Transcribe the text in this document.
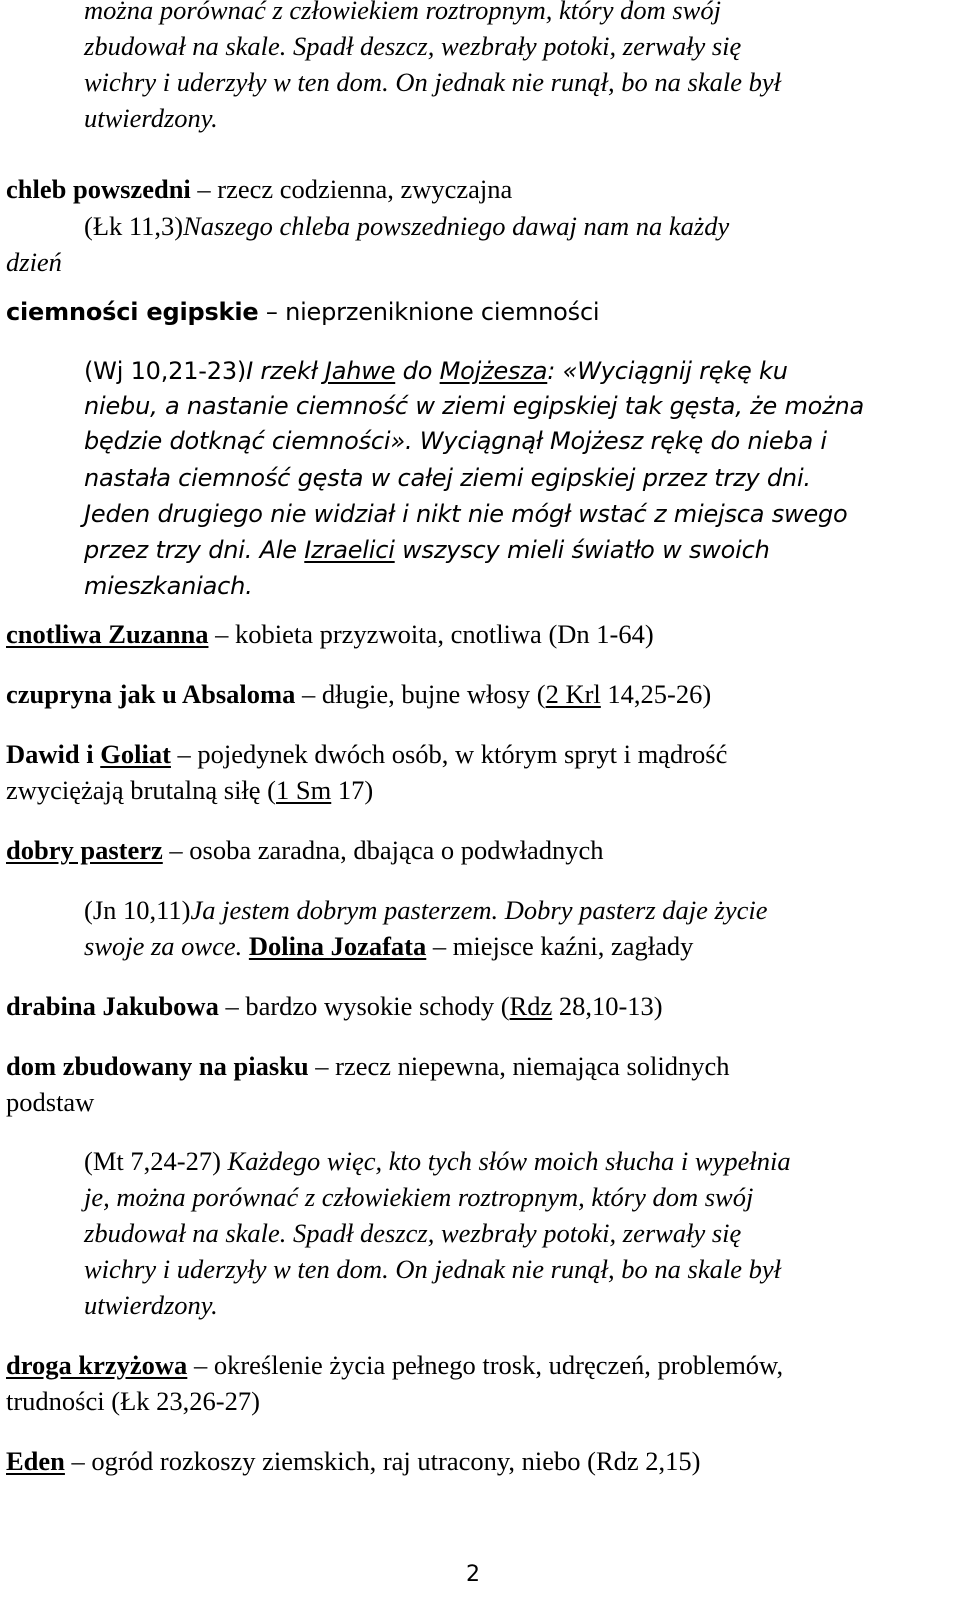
można porównać z człowiekiem roztropnym, który dom swój
zbudował na skale. Spadł deszcz, wezbrały potoki, zerwały się
wichry i uderzyły w ten dom. On jednak nie runął, bo na skale był
utwierdzony.
chleb powszedni – rzecz codzienna, zwyczajna
(Łk 11,3)Naszego chleba powszedniego dawaj nam na każdy
dzień
ciemności egipskie – nieprzeniknione ciemności
(Wj 10,21-23)I rzekł Jahwe do Mojżesza: «Wyciągnij rękę ku
niebu, a nastanie ciemność w ziemi egipskiej tak gęsta, że można
będzie dotknąć ciemności». Wyciągnął Mojżesz rękę do nieba i
nastała ciemność gęsta w całej ziemi egipskiej przez trzy dni.
Jeden drugiego nie widział i nikt nie mógł wstać z miejsca swego
przez trzy dni. Ale Izraelici wszyscy mieli światło w swoich
mieszkaniach.
cnotliwa Zuzanna – kobieta przyzwoita, cnotliwa (Dn 1-64)
czupryna jak u Absaloma – długie, bujne włosy (2 Krl 14,25-26)
Dawid i Goliat – pojedynek dwóch osób, w którym spryt i mądrość
zwyciężają brutalną siłę (1 Sm 17)
dobry pasterz – osoba zaradna, dbająca o podwładnych
(Jn 10,11)Ja jestem dobrym pasterzem. Dobry pasterz daje życie
swoje za owce. Dolina Jozafata – miejsce kaźni, zagłady
drabina Jakubowa – bardzo wysokie schody (Rdz 28,10-13)
dom zbudowany na piasku – rzecz niepewna, niemająca solidnych
podstaw
(Mt 7,24-27) Każdego więc, kto tych słów moich słucha i wypełnia
je, można porównać z człowiekiem roztropnym, który dom swój
zbudował na skale. Spadł deszcz, wezbrały potoki, zerwały się
wichry i uderzyły w ten dom. On jednak nie runął, bo na skale był
utwierdzony.
droga krzyżowa – określenie życia pełnego trosk, udręczeń, problemów,
trudności (Łk 23,26-27)
Eden – ogród rozkoszy ziemskich, raj utracony, niebo (Rdz 2,15)
2
